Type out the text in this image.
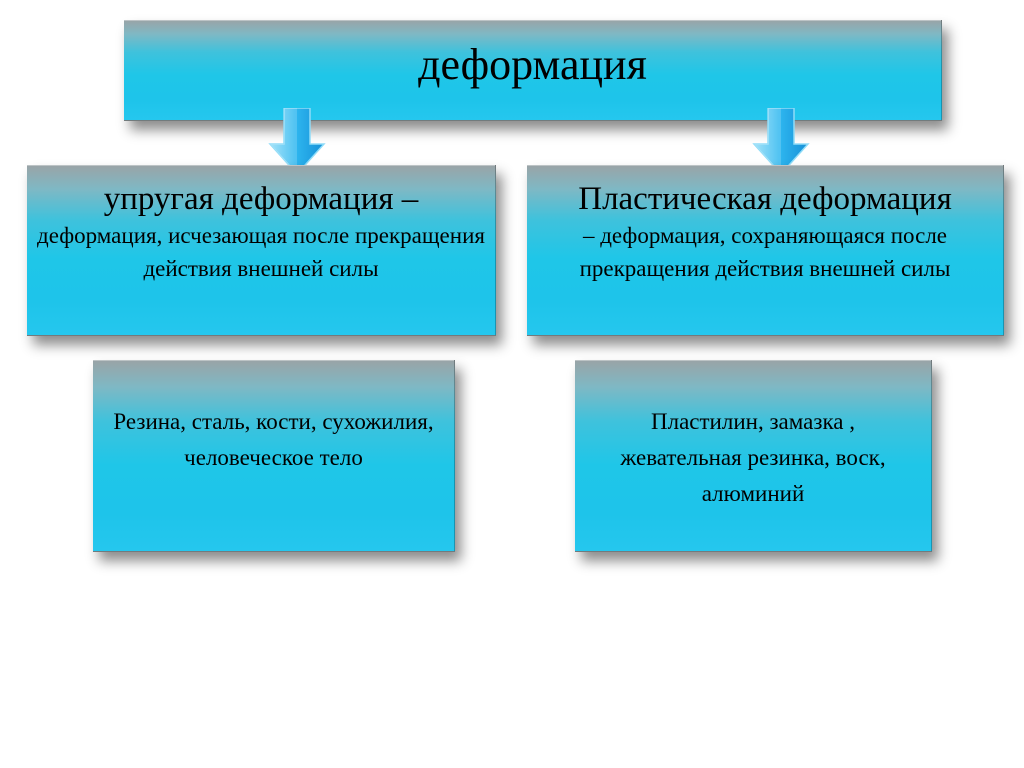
деформация
упругая деформация –
деформация, исчезающая после прекращения действия внешней силы
Пластическая деформация
– деформация, сохраняющаяся после прекращения действия внешней силы
Резина, сталь, кости, сухожилия, человеческое тело
Пластилин, замазка , жевательная резинка, воск, алюминий
